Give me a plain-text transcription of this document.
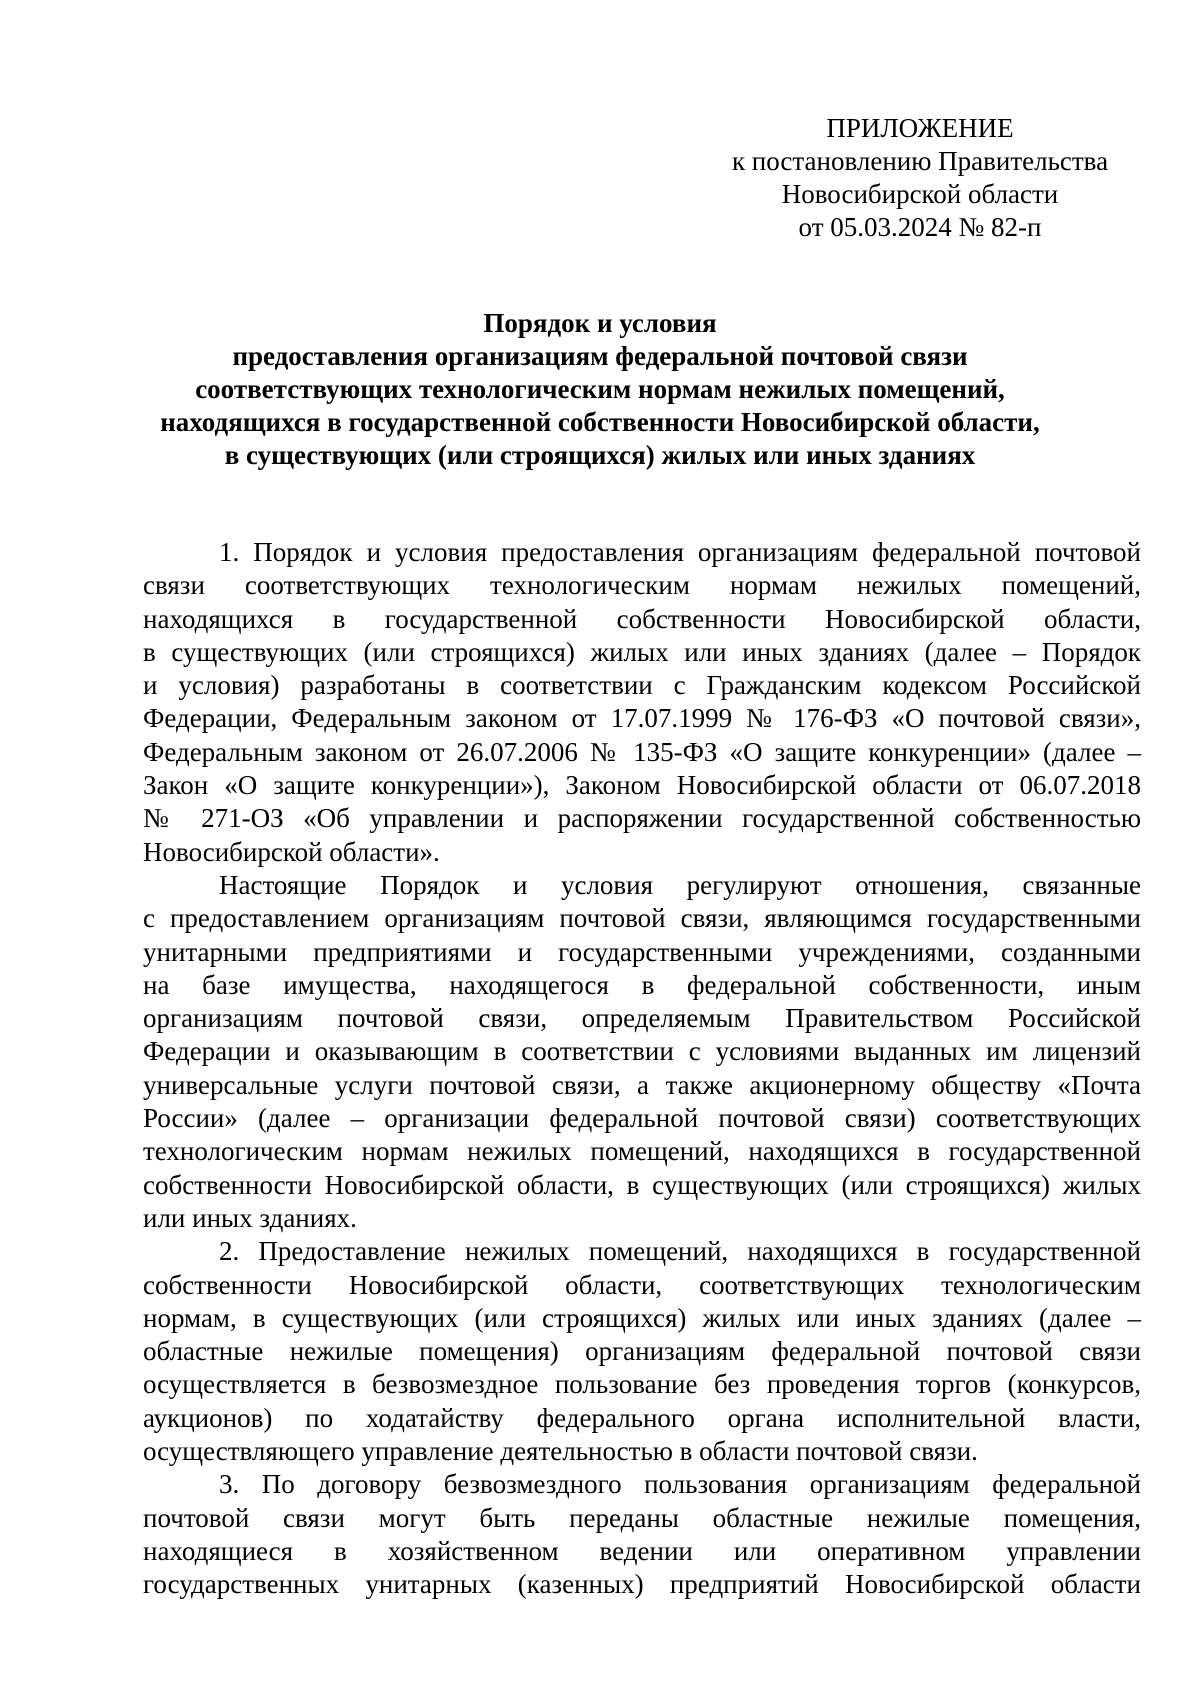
ПРИЛОЖЕНИЕ
к постановлению Правительства
Новосибирской области
от 05.03.2024 № 82-п
Порядок и условия
предоставления организациям федеральной почтовой связи
соответствующих технологическим нормам нежилых помещений,
находящихся в государственной собственности Новосибирской области,
в существующих (или строящихся) жилых или иных зданиях
1. Порядок и условия предоставления организациям федеральной почтовой
связи соответствующих технологическим нормам нежилых помещений,
находящихся в государственной собственности Новосибирской области,
в существующих (или строящихся) жилых или иных зданиях (далее – Порядок
и условия) разработаны в соответствии с Гражданским кодексом Российской
Федерации, Федеральным законом от 17.07.1999 № 176-ФЗ «О почтовой связи»,
Федеральным законом от 26.07.2006 № 135-ФЗ «О защите конкуренции» (далее –
Закон «О защите конкуренции»), Законом Новосибирской области от 06.07.2018
№ 271-ОЗ «Об управлении и распоряжении государственной собственностью
Новосибирской области».
Настоящие Порядок и условия регулируют отношения, связанные
с предоставлением организациям почтовой связи, являющимся государственными
унитарными предприятиями и государственными учреждениями, созданными
на базе имущества, находящегося в федеральной собственности, иным
организациям почтовой связи, определяемым Правительством Российской
Федерации и оказывающим в соответствии с условиями выданных им лицензий
универсальные услуги почтовой связи, а также акционерному обществу «Почта
России» (далее – организации федеральной почтовой связи) соответствующих
технологическим нормам нежилых помещений, находящихся в государственной
собственности Новосибирской области, в существующих (или строящихся) жилых
или иных зданиях.
2. Предоставление нежилых помещений, находящихся в государственной
собственности Новосибирской области, соответствующих технологическим
нормам, в существующих (или строящихся) жилых или иных зданиях (далее –
областные нежилые помещения) организациям федеральной почтовой связи
осуществляется в безвозмездное пользование без проведения торгов (конкурсов,
аукционов) по ходатайству федерального органа исполнительной власти,
осуществляющего управление деятельностью в области почтовой связи.
3. По договору безвозмездного пользования организациям федеральной
почтовой связи могут быть переданы областные нежилые помещения,
находящиеся в хозяйственном ведении или оперативном управлении
государственных унитарных (казенных) предприятий Новосибирской области
